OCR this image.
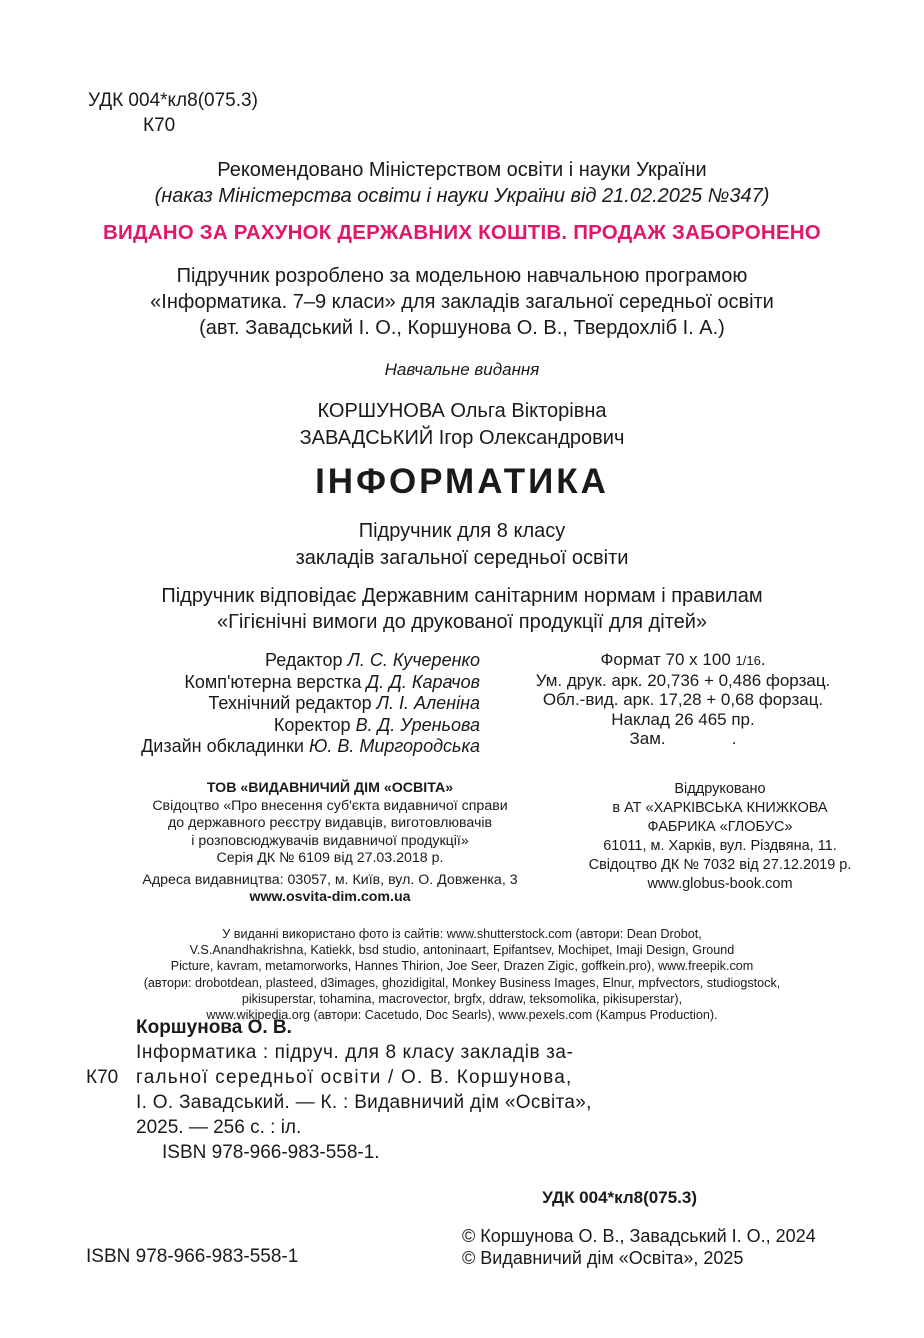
УДК 004*кл8(075.3)
К70
Рекомендовано Міністерством освіти і науки України
(наказ Міністерства освіти і науки України від 21.02.2025 №347)
ВИДАНО ЗА РАХУНОК ДЕРЖАВНИХ КОШТІВ. ПРОДАЖ ЗАБОРОНЕНО
Підручник розроблено за модельною навчальною програмою
«Інформатика. 7–9 класи» для закладів загальної середньої освіти
(авт. Завадський І. О., Коршунова О. В., Твердохліб І. А.)
Навчальне видання
КОРШУНОВА Ольга Вікторівна
ЗАВАДСЬКИЙ Ігор Олександрович
ІНФОРМАТИКА
Підручник для 8 класу
закладів загальної середньої освіти
Підручник відповідає Державним санітарним нормам і правилам
«Гігієнічні вимоги до друкованої продукції для дітей»
Редактор Л. С. Кучеренко
Комп'ютерна верстка Д. Д. Карачов
Технічний редактор Л. І. Аленіна
Коректор В. Д. Уреньова
Дизайн обкладинки Ю. В. Миргородська
Формат 70 х 100 1/16.
Ум. друк. арк. 20,736 + 0,486 форзац.
Обл.-вид. арк. 17,28 + 0,68 форзац.
Наклад 26 465 пр.
Зам.              .
ТОВ «ВИДАВНИЧИЙ ДІМ «ОСВІТА»
Свідоцтво «Про внесення суб'єкта видавничої справи
до державного реєстру видавців, виготовлювачів
і розповсюджувачів видавничої продукції»
Серія ДК № 6109 від 27.03.2018 р.
Адреса видавництва: 03057, м. Київ, вул. О. Довженка, 3
www.osvita-dim.com.ua
Віддруковано
в АТ «ХАРКІВСЬКА КНИЖКОВА
ФАБРИКА «ГЛОБУС»
61011, м. Харків, вул. Різдвяна, 11.
Свідоцтво ДК № 7032 від 27.12.2019 р.
www.globus-book.com
У виданні використано фото із сайтів: www.shutterstock.com (автори: Dean Drobot,
V.S.Anandhakrishna, Katiekk, bsd studio, antoninaart, Epifantsev, Mochipet, Imaji Design, Ground
Picture, kavram, metamorworks, Hannes Thirion, Joe Seer, Drazen Zigic, goffkein.pro), www.freepik.com
(автори: drobotdean, plasteed, d3images, ghozidigital, Monkey Business Images, Elnur, mpfvectors, studiogstock,
pikisuperstar, tohamina, macrovector, brgfx, ddraw, teksomolika, pikisuperstar),
www.wikipedia.org (автори: Cacetudo, Doc Searls), www.pexels.com (Kampus Production).
Коршунова О. В.
К70
Інформатика : підруч. для 8 класу закладів за-
гальної середньої освіти / О. В. Коршунова,
І. О. Завадський. — К. : Видавничий дім «Освіта»,
2025. — 256 с. : іл.
ISBN 978-966-983-558-1.
УДК 004*кл8(075.3)
© Коршунова О. В., Завадський І. О., 2024
© Видавничий дім «Освіта», 2025
ISBN 978-966-983-558-1
